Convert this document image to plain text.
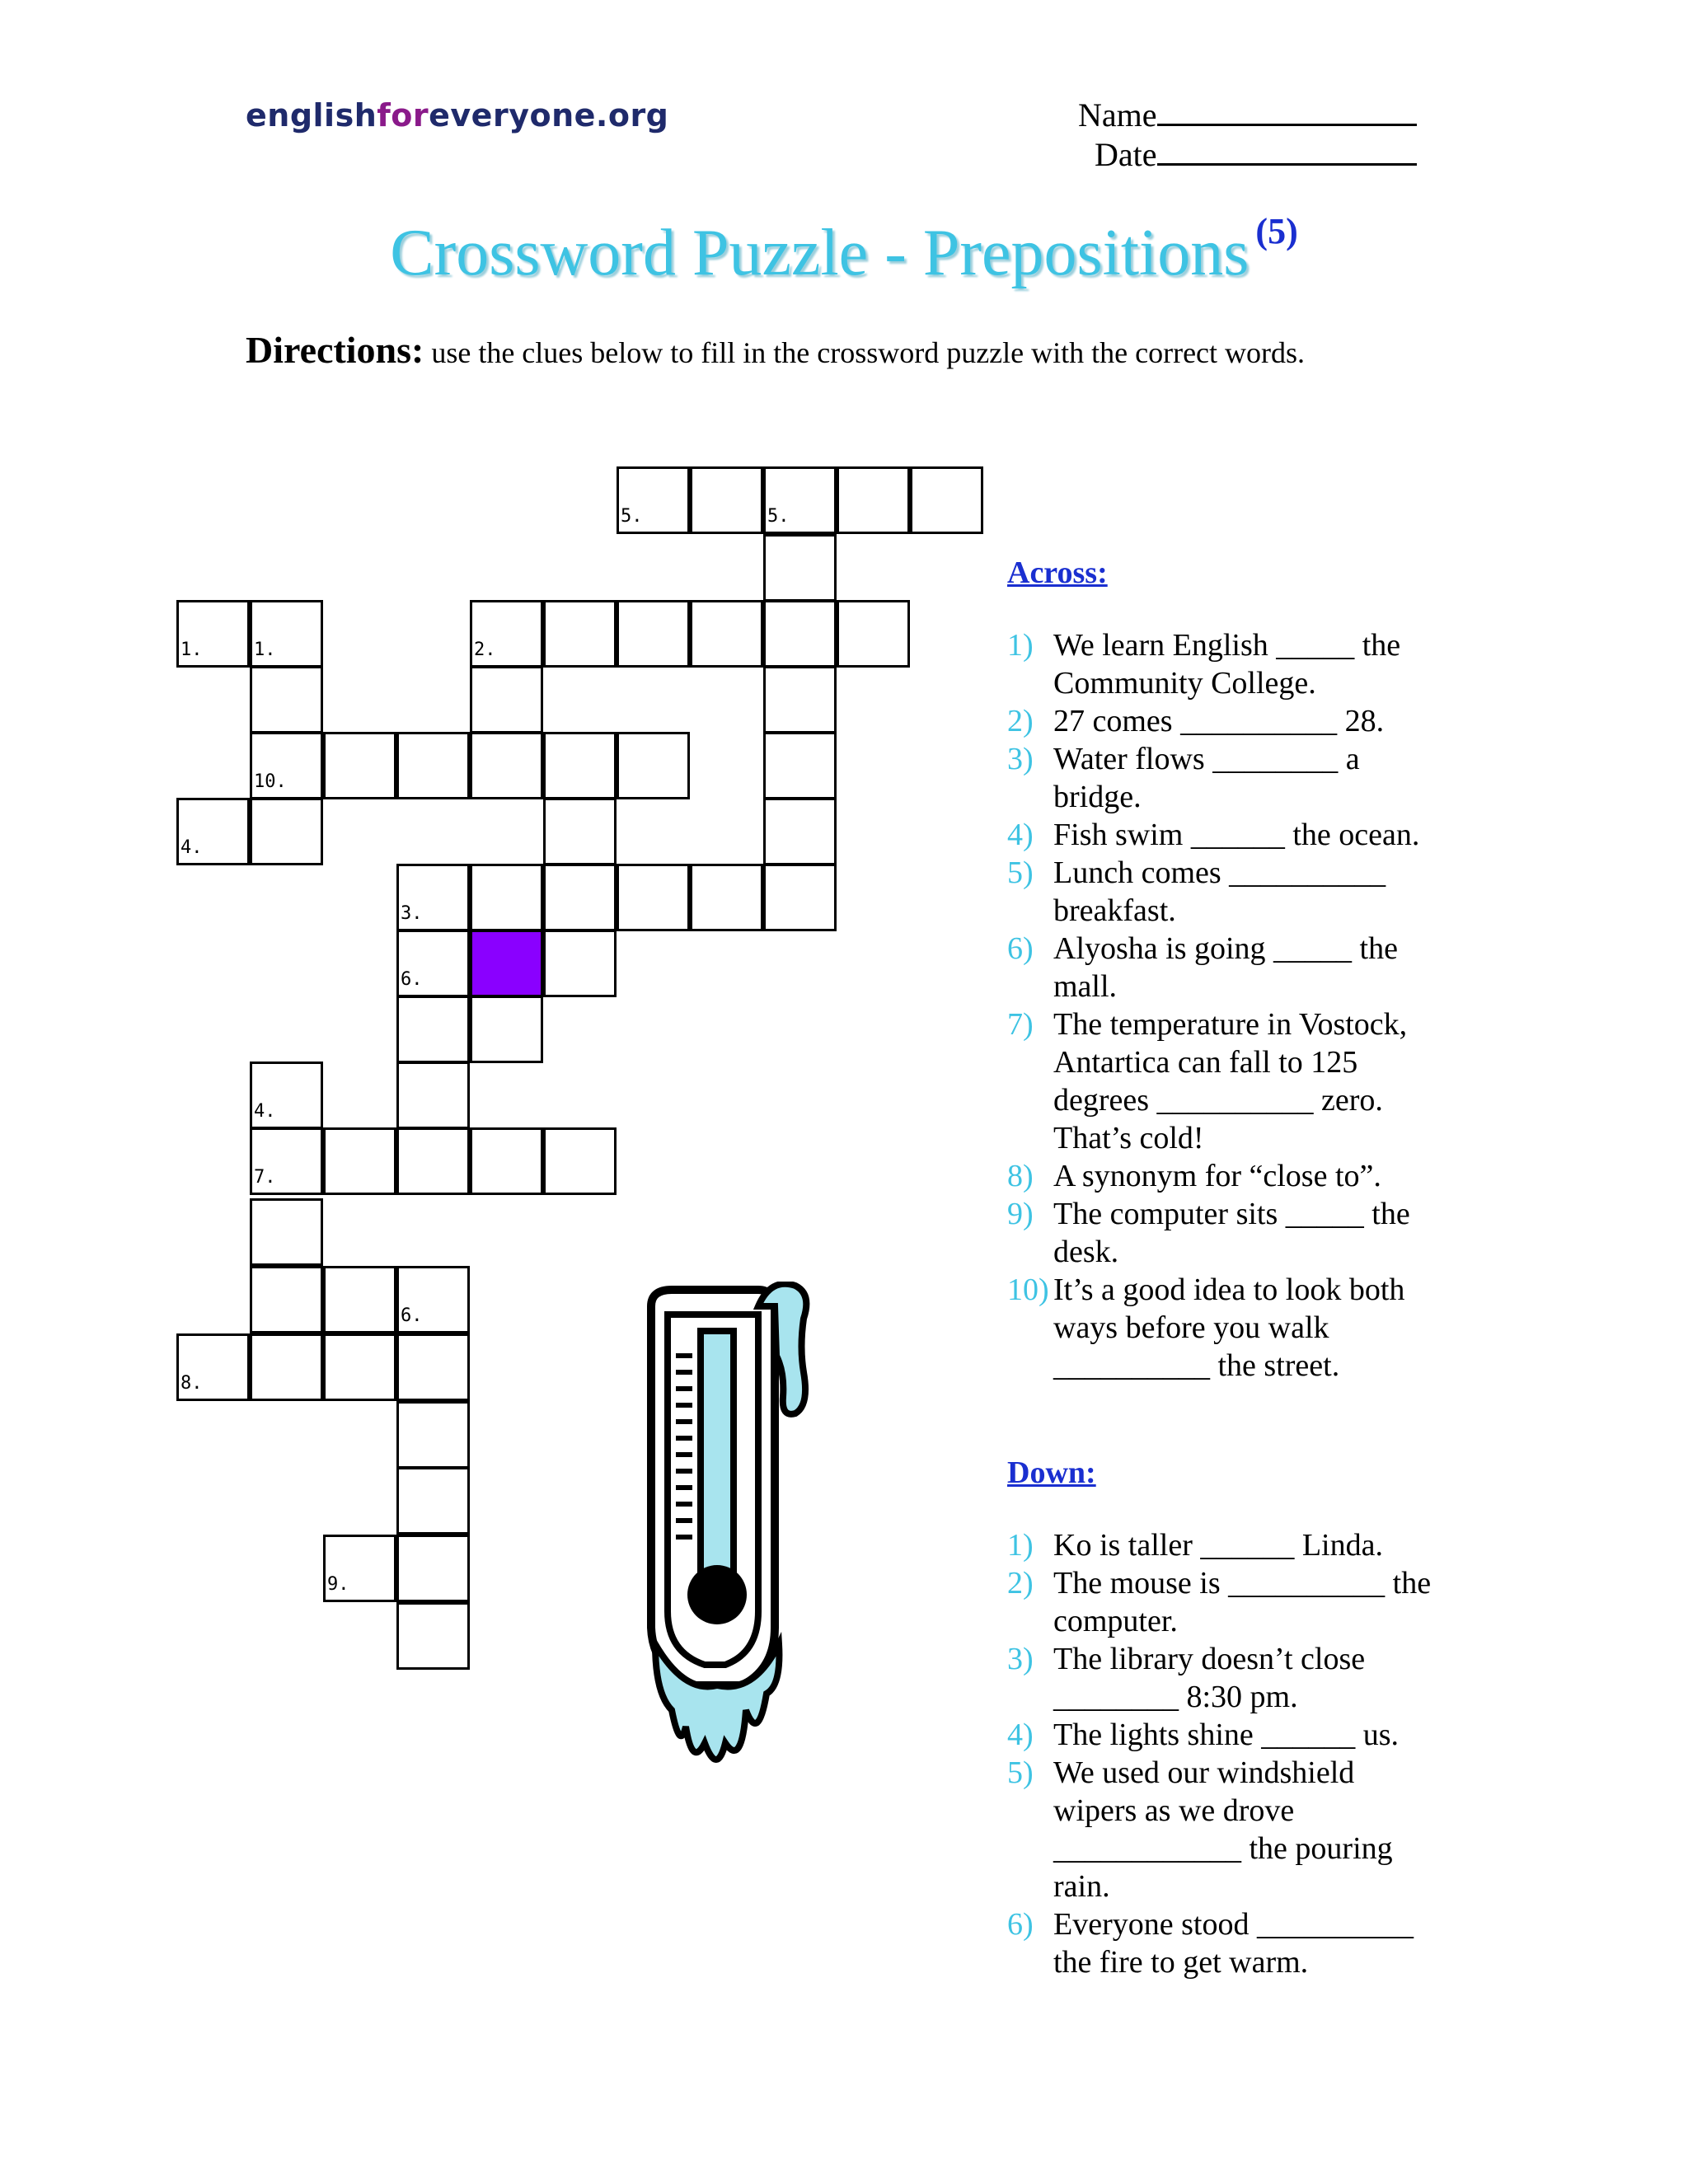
englishforeveryone.org	Name
Date
Crossword Puzzle - Prepositions $^{(5)}$
Directions: use the clues below to fill in the crossword puzzle with the correct words.
5.	5.
1.	1.	2.
10.
4.
3.
6.
4.
7.
6.
8.
9.
Across:
1) We learn English _____ the Community College.
2) 27 comes __________ 28.
3) Water flows ________ a bridge.
4) Fish swim ______ the ocean.
5) Lunch comes __________ breakfast.
6) Alyosha is going _____ the mall.
7) The temperature in Vostock, Antartica can fall to 125 degrees __________ zero. That’s cold!
8) A synonym for “close to”.
9) The computer sits _____ the desk.
10) It’s a good idea to look both ways before you walk __________ the street.
Down:
1) Ko is taller ______ Linda.
2) The mouse is __________ the computer.
3) The library doesn’t close ________ 8:30 pm.
4) The lights shine ______ us.
5) We used our windshield wipers as we drove ____________ the pouring rain.
6) Everyone stood __________ the fire to get warm.
